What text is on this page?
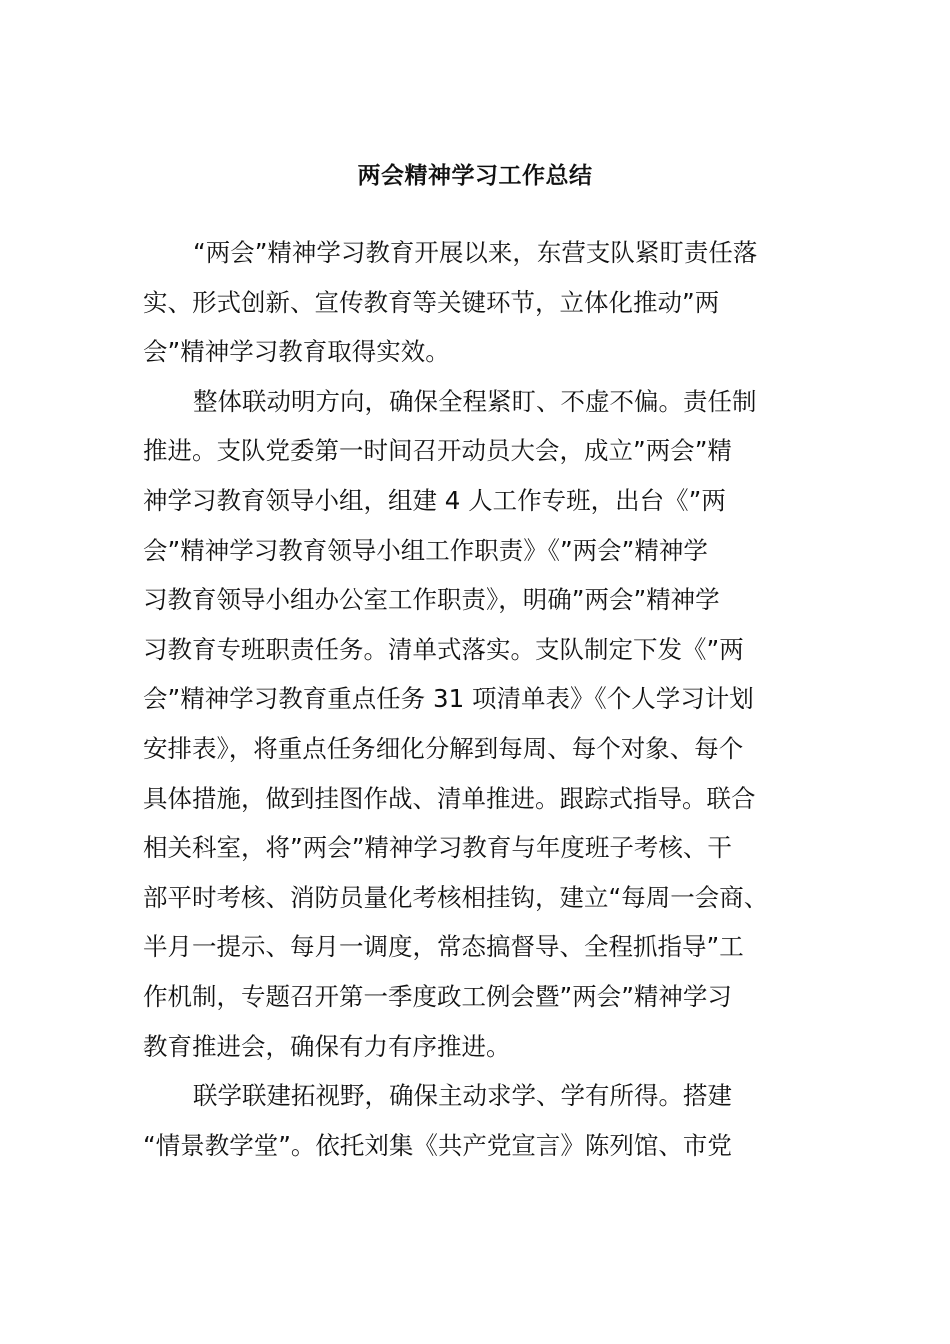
两会精神学习工作总结
“两会”精神学习教育开展以来，东营支队紧盯责任落
实、形式创新、宣传教育等关键环节，立体化推动”两
会”精神学习教育取得实效。
整体联动明方向，确保全程紧盯、不虚不偏。责任制
推进。支队党委第一时间召开动员大会，成立”两会”精
神学习教育领导小组，组建 4 人工作专班，出台《”两
会”精神学习教育领导小组工作职责》《”两会”精神学
习教育领导小组办公室工作职责》，明确”两会”精神学
习教育专班职责任务。清单式落实。支队制定下发《”两
会”精神学习教育重点任务 31 项清单表》《个人学习计划
安排表》，将重点任务细化分解到每周、每个对象、每个
具体措施，做到挂图作战、清单推进。跟踪式指导。联合
相关科室，将”两会”精神学习教育与年度班子考核、干
部平时考核、消防员量化考核相挂钩，建立“每周一会商、
半月一提示、每月一调度，常态搞督导、全程抓指导”工
作机制，专题召开第一季度政工例会暨”两会”精神学习
教育推进会，确保有力有序推进。
联学联建拓视野，确保主动求学、学有所得。搭建
“情景教学堂”。依托刘集《共产党宣言》陈列馆、市党
